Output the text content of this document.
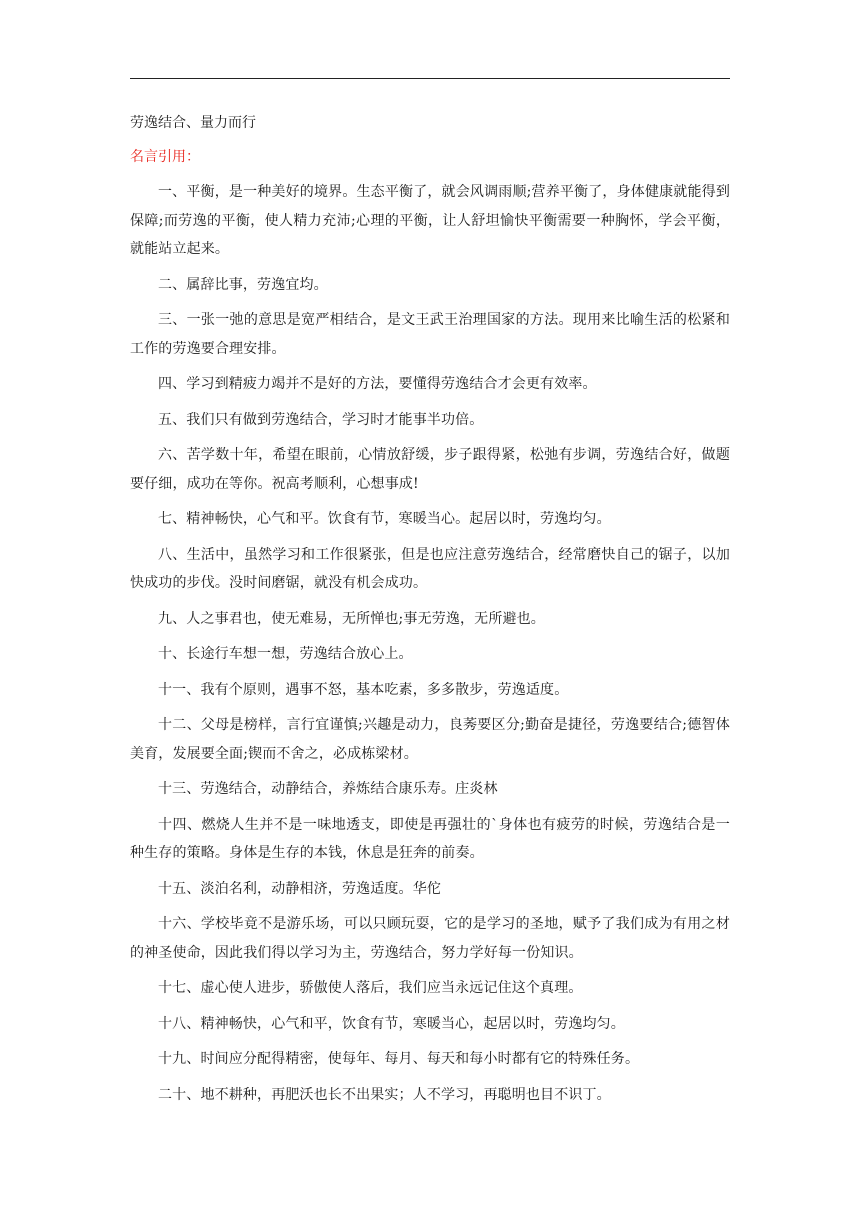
劳逸结合、量力而行
名言引用：

一、平衡，是一种美好的境界。生态平衡了，就会风调雨顺;营养平衡了，身体健康就能得到保障;而劳逸的平衡，使人精力充沛;心理的平衡，让人舒坦愉快平衡需要一种胸怀，学会平衡，就能站立起来。

二、属辞比事，劳逸宜均。

三、一张一弛的意思是宽严相结合，是文王武王治理国家的方法。现用来比喻生活的松紧和工作的劳逸要合理安排。

四、学习到精疲力竭并不是好的方法，要懂得劳逸结合才会更有效率。

五、我们只有做到劳逸结合，学习时才能事半功倍。

六、苦学数十年，希望在眼前，心情放舒缓，步子跟得紧，松弛有步调，劳逸结合好，做题要仔细，成功在等你。祝高考顺利，心想事成!

七、精神畅快，心气和平。饮食有节，寒暖当心。起居以时，劳逸均匀。

八、生活中，虽然学习和工作很紧张，但是也应注意劳逸结合，经常磨快自己的锯子，以加快成功的步伐。没时间磨锯，就没有机会成功。

九、人之事君也，使无难易，无所惮也;事无劳逸，无所避也。

十、长途行车想一想，劳逸结合放心上。

十一、我有个原则，遇事不怒，基本吃素，多多散步，劳逸适度。

十二、父母是榜样，言行宜谨慎;兴趣是动力，良莠要区分;勤奋是捷径，劳逸要结合;德智体美育，发展要全面;锲而不舍之，必成栋梁材。

十三、劳逸结合，动静结合，养炼结合康乐寿。庄炎林

十四、燃烧人生并不是一味地透支，即使是再强壮的`身体也有疲劳的时候，劳逸结合是一种生存的策略。身体是生存的本钱，休息是狂奔的前奏。

十五、淡泊名利，动静相济，劳逸适度。华佗

十六、学校毕竟不是游乐场，可以只顾玩耍，它的是学习的圣地，赋予了我们成为有用之材的神圣使命，因此我们得以学习为主，劳逸结合，努力学好每一份知识。

十七、虚心使人进步，骄傲使人落后，我们应当永远记住这个真理。

十八、精神畅快，心气和平，饮食有节，寒暖当心，起居以时，劳逸均匀。

十九、时间应分配得精密，使每年、每月、每天和每小时都有它的特殊任务。

二十、地不耕种，再肥沃也长不出果实；人不学习，再聪明也目不识丁。
